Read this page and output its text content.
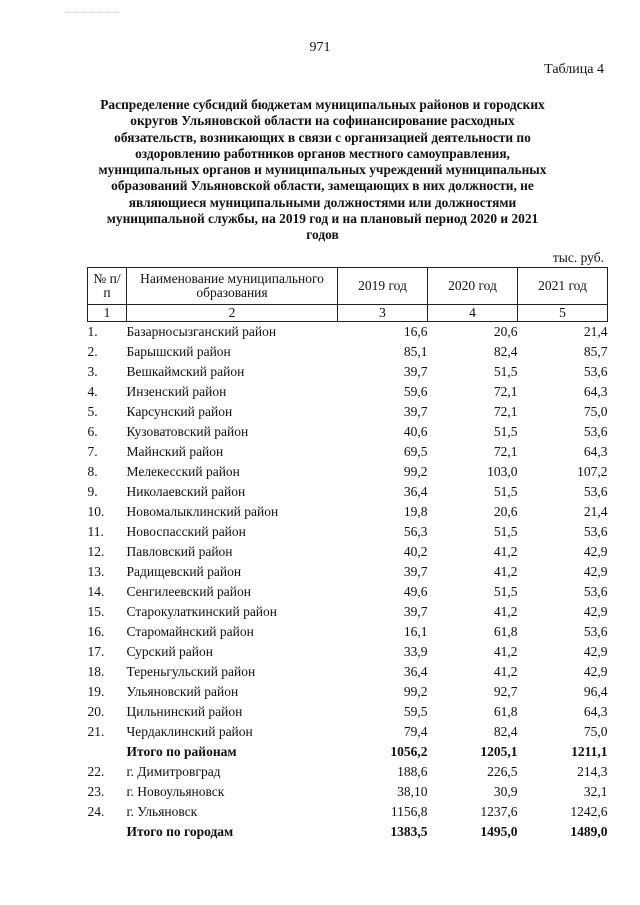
971
Таблица 4
Распределение субсидий бюджетам муниципальных районов и городских округов Ульяновской области на софинансирование расходных обязательств, возникающих в связи с организацией деятельности по оздоровлению работников органов местного самоуправления, муниципальных органов и муниципальных учреждений муниципальных образований Ульяновской области, замещающих в них должности, не являющиеся муниципальными должностями или должностями муниципальной службы, на 2019 год и на плановый период 2020 и 2021 годов
тыс. руб.
№ п/п	Наименование муниципального образования	2019 год	2020 год	2021 год
1	2	3	4	5
1.	Базарносызганский район	16,6	20,6	21,4
2.	Барышский район	85,1	82,4	85,7
3.	Вешкаймский район	39,7	51,5	53,6
4.	Инзенский район	59,6	72,1	64,3
5.	Карсунский район	39,7	72,1	75,0
6.	Кузоватовский район	40,6	51,5	53,6
7.	Майнский район	69,5	72,1	64,3
8.	Мелекесский район	99,2	103,0	107,2
9.	Николаевский район	36,4	51,5	53,6
10.	Новомалыклинский район	19,8	20,6	21,4
11.	Новоспасский район	56,3	51,5	53,6
12.	Павловский район	40,2	41,2	42,9
13.	Радищевский район	39,7	41,2	42,9
14.	Сенгилеевский район	49,6	51,5	53,6
15.	Старокулаткинский район	39,7	41,2	42,9
16.	Старомайнский район	16,1	61,8	53,6
17.	Сурский район	33,9	41,2	42,9
18.	Тереньгульский район	36,4	41,2	42,9
19.	Ульяновский район	99,2	92,7	96,4
20.	Цильнинский район	59,5	61,8	64,3
21.	Чердаклинский район	79,4	82,4	75,0
	Итого по районам	1056,2	1205,1	1211,1
22.	г. Димитровград	188,6	226,5	214,3
23.	г. Новоульяновск	38,10	30,9	32,1
24.	г. Ульяновск	1156,8	1237,6	1242,6
	Итого по городам	1383,5	1495,0	1489,0
